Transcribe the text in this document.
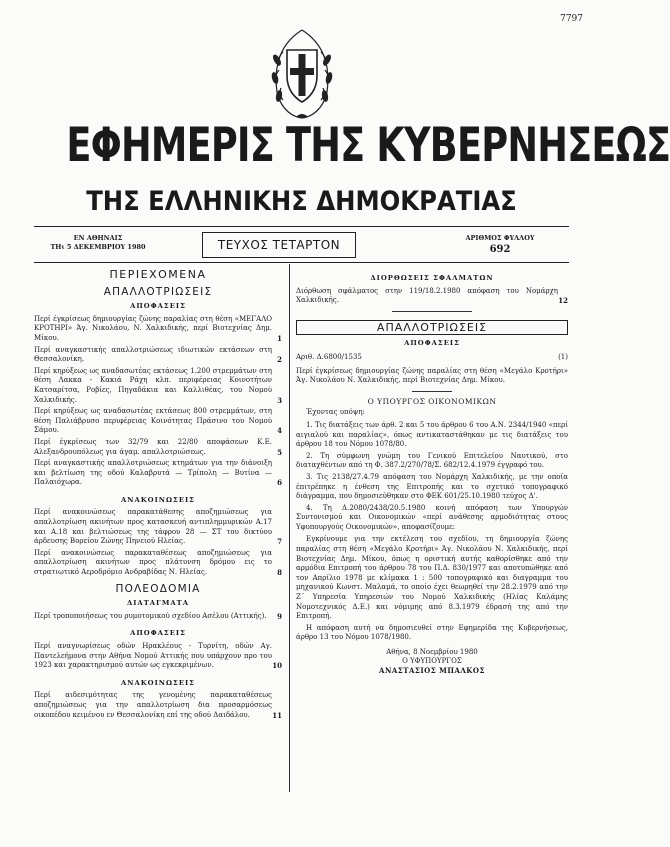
7797
ΕΦΗΜΕΡΙΣ ΤΗΣ ΚΥΒΕΡΝΗΣΕΩΣ
ΤΗΣ ΕΛΛΗΝΙΚΗΣ ΔΗΜΟΚΡΑΤΙΑΣ
ΕΝ ΑΘΗΝΑΙΣ
ΤΗι 5 ΔΕΚΕΜΒΡΙΟΥ 1980	ΤΕΥΧΟΣ ΤΕΤΑΡΤΟΝ	ΑΡΙΘΜΟΣ ΦΥΛΛΟΥ
692
ΠΕΡΙΕΧΟΜΕΝΑ
ΑΠΑΛΛΟΤΡΙΩΣΕΙΣ
ΑΠΟΦΑΣΕΙΣ
Περί έγκρίσεως δημιουργίας ζώνης παραλίας στη θέση «ΜΕΓΑΛΟ ΚΡΟΤΗΡΙ» Άγ. Νικολάου, Ν. Χαλκιδικής, περί Βιοτεχνίας Δημ. Μίκου.	1
Περί αναγκαστικής απαλλοτριώσεως ιδιωτικών εκτάσεων στη Θεσσαλονίκη.	2
Περί κηρύξεως ως αναδασωτέας εκτάσεως 1.200 στρεμμάτων στη θέση Λακκα - Κακιά Ράχη κλπ. περιφέρειας Κοινοτήτων Κατσαρίτσα, Ροβίες, Πηγαδάκια και Καλλιθέας, του Νομού Χαλκιδικής.	3
Περί κηρύξεως ως αναδασωτέας εκτάσεως 800 στρεμμάτων, στη θέση Παλιάβρυσο περιφέρειας Κοινότητας Πράσινο του Νομού Σάμου.	4
Περί έγκρίσεως των 32/79 και 22/80 αποφάσεων Κ.Ε. Αλεξανδρουπόλεως για άγαμ. απαλλοτριώσεως.	5
Περί αναγκαστικής απαλλοτριώσεως κτημάτων για την διάνοιξη και βελτίωση της οδού Καλαβρυτά — Τρίπολη — Βυτίνα — Παλαιόχωρα.	6
ΑΝΑΚΟΙΝΩΣΕΙΣ
Περί ανακοινώσεως παρακατάθεσης αποζημιώσεως για απαλλοτρίωση ακινήτων προς κατασκευή αντιπλημμυρικών Α.17 και Α.18 και βελτιώσεως της τάφρου 28 — ΣΤ του δικτύου άρδευσης Βορείου Ζώνης Πηνειού Ηλείας.	7
Περί ανακοινώσεως παρακαταθέσεως αποζημιώσεως για απαλλοτρίωση ακινήτων προς πλάτυνση δρόμου εις το στρατιωτικό Αεροδρόμιο Ανδραβίδας Ν. Ηλείας.	8
ΠΟΛΕΟΔΟΜΙΑ
ΔΙΑΤΑΓΜΑΤΑ
Περί τροποποιήσεως του ρυμοτομικού σχεδίου Ασέλου (Αττικής).	9
ΑΠΟΦΑΣΕΙΣ
Περί αναγνωρίσεως οδών Ηρακλέους - Τυρνίτη, οδών Αγ. Παντελεήμονα στην Αθήνα Νομού Αττικής που υπάρχουν προ του 1923 και χαρακτηρισμού αυτών ως εγκεκριμένων.	10
ΑΝΑΚΟΙΝΩΣΕΙΣ
Περί αιδεσιμότητας της γενομένης παρακαταθέσεως αποζημιώσεως για την απαλλοτρίωση δια προσαρμόσεως οικοπέδου κειμένου εν Θεσσαλονίκη επί της οδού Δαιδάλου.	11
ΔΙΟΡΘΩΣΕΙΣ ΣΦΑΛΜΑΤΩΝ
Διόρθωση σφάλματος στην 119/18.2.1980 απόφαση του Νομάρχη Χαλκιδικής.	12
ΑΠΑΛΛΟΤΡΙΩΣΕΙΣ
ΑΠΟΦΑΣΕΙΣ
Αριθ. Δ.6800/1535	(1)
Περί έγκρίσεως δημιουργίας ζώνης παραλίας στη θέση «Μεγάλο Κροτήρι» Άγ. Νικολάου Ν. Χαλκιδικής, περί Βιοτεχνίας Δημ. Μίκου.
Ο ΥΠΟΥΡΓΟΣ ΟΙΚΟΝΟΜΙΚΩΝ
Έχοντας υπόψη:
1. Τις διατάξεις των άρθ. 2 και 5 του άρθρου 6 του Α.Ν. 2344/1940 «περί αιγιαλού και παραλίας», όπως αντικαταστάθηκαν με τις διατάξεις του άρθρου 18 του Νόμου 1078/80.
2. Τη σύμφωνη γνώμη του Γενικού Επιτελείου Ναυτικού, στο διαταχθέντων από τη Φ. 387.2/270/78/Σ. 682/12.4.1979 έγγραφό του.
3. Τις 2138/27.4.79 απόφαση του Νομάρχη Χαλκιδικής, με την οποία έπιτρέπηκε η ένθεση της Επιτροπής και το σχετικό τοπογραφικό διάγραμμα, που δημοσιεύθηκαν στο ΦΕΚ 601/25.10.1980 τεύχος Δ'.
4. Τη Δ.2080/2438/20.5.1980 κοινή απόφαση των Υπουργών Συντονισμού και Οικονομικών «περί ανάθεσης αρμοδιότητας στους Υφυπουργούς Οικονομικών», αποφασίζουμε:
Εγκρίνουμε για την εκτέλεση του σχεδίου, τη δημιουργία ζώνης παραλίας στη θέση «Μεγάλο Κροτήρι» Άγ. Νικολάου Ν. Χαλκιδικής, περί Βιοτεχνίας Δημ. Μίκου, όπως η οριστική αυτής καθορίσθηκε από την αρμόδια Επιτροπή του άρθρου 78 του Π.Δ. 830/1977 και αποτυπώθηκε από τον Απρίλιο 1978 με κλίμακα 1 : 500 τοπογραφικό και διαγραμμα του μηχανικού Κωνστ. Μαλαμά, το οποίο έχει θεωρηθεί την 28.2.1979 από την Ζ΄ Υπηρεσία Υπηρεσιών του Νομού Χαλκιδικής (Ηλίας Καλάμης Νομοτεχνικός Δ.Ε.) και νόμιμης από 8.3.1979 έδρασή της από την Επιτροπή.
Η απόφαση αυτή να δημοσιευθεί στην Εφημερίδα της Κυβερνήσεως, άρθρο 13 του Νόμου 1078/1980.
Αθήνα, 8 Νοεμβρίου 1980
Ο ΥΦΥΠΟΥΡΓΟΣ
ΑΝΑΣΤΑΣΙΟΣ ΜΠΑΛΚΟΣ
